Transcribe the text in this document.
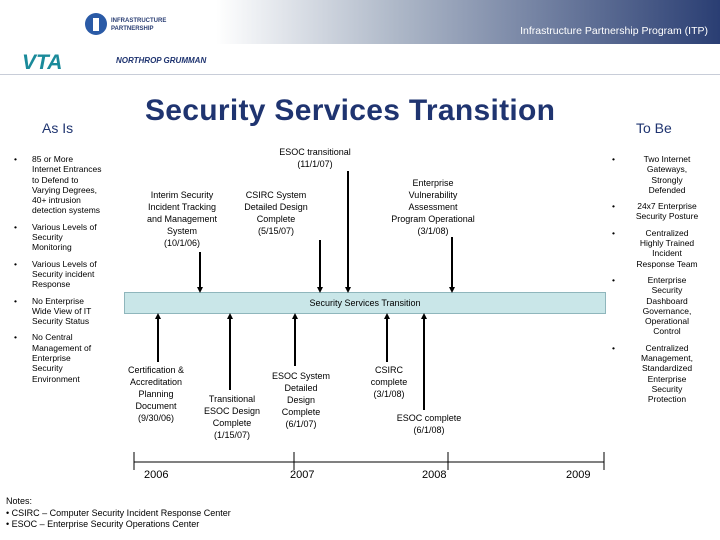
INFRASTRUCTURE
PARTNERSHIP	Infrastructure Partnership Program (ITP)
VTA	NORTHROP GRUMMAN
Security Services Transition
As Is	To Be
• 85 or More
Internet Entrances
to Defend to
Varying Degrees,
40+ intrusion
detection systems
• Various Levels of
Security
Monitoring
• Various Levels of
Security incident
Response
• No Enterprise
Wide View of IT
Security Status
• No Central
Management of
Enterprise
Security
Environment
•	Two Internet
Gateways,
Strongly
Defended
•	24x7 Enterprise
Security Posture
•	Centralized
Highly Trained
Incident
Response Team
•	Enterprise
Security
Dashboard
Governance,
Operational
Control
•	Centralized
Management,
Standardized
Enterprise
Security
Protection
ESOC transitional
(11/1/07)
Interim Security
Incident Tracking
and Management
System
(10/1/06)
CSIRC System
Detailed Design
Complete
(5/15/07)
Enterprise
Vulnerability
Assessment
Program Operational
(3/1/08)
Security Services Transition
Certification &
Accreditation
Planning
Document
(9/30/06)
Transitional
ESOC Design
Complete
(1/15/07)
ESOC System
Detailed
Design
Complete
(6/1/07)
CSIRC
complete
(3/1/08)
ESOC complete
(6/1/08)
2006	2007	2008	2009
Notes:
• CSIRC – Computer Security Incident Response Center
• ESOC – Enterprise Security Operations Center
